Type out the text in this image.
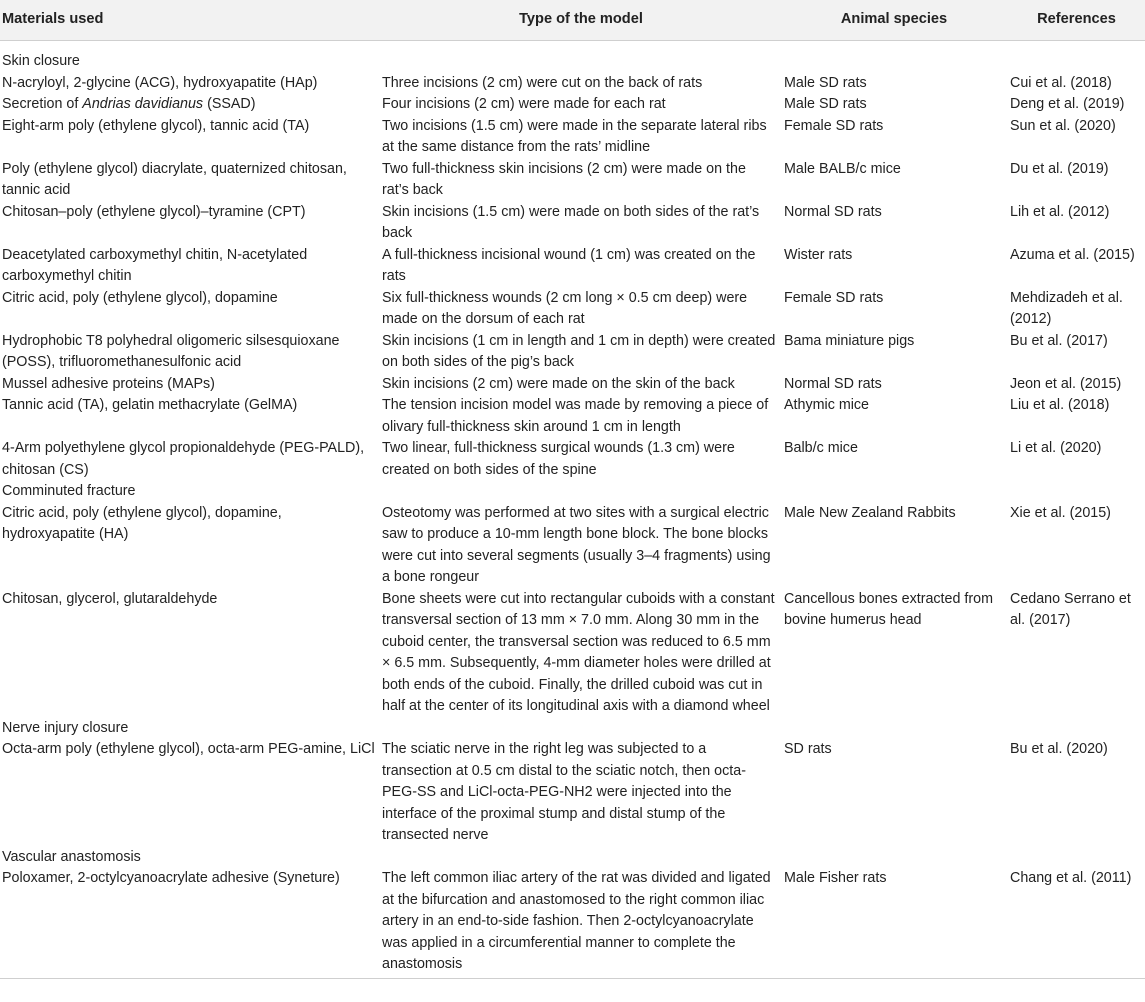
Materials used	Type of the model	Animal species	References
Skin closure			
N-acryloyl, 2-glycine (ACG), hydroxyapatite (HAp)	Three incisions (2 cm) were cut on the back of rats	Male SD rats	Cui et al. (2018)
Secretion of Andrias davidianus (SSAD)	Four incisions (2 cm) were made for each rat	Male SD rats	Deng et al. (2019)
Eight-arm poly (ethylene glycol), tannic acid (TA)	Two incisions (1.5 cm) were made in the separate lateral ribs at the same distance from the rats’ midline	Female SD rats	Sun et al. (2020)
Poly (ethylene glycol) diacrylate, quaternized chitosan, tannic acid	Two full-thickness skin incisions (2 cm) were made on the rat’s back	Male BALB/c mice	Du et al. (2019)
Chitosan–poly (ethylene glycol)–tyramine (CPT)	Skin incisions (1.5 cm) were made on both sides of the rat’s back	Normal SD rats	Lih et al. (2012)
Deacetylated carboxymethyl chitin, N-acetylated carboxymethyl chitin	A full-thickness incisional wound (1 cm) was created on the rats	Wister rats	Azuma et al. (2015)
Citric acid, poly (ethylene glycol), dopamine	Six full-thickness wounds (2 cm long × 0.5 cm deep) were made on the dorsum of each rat	Female SD rats	Mehdizadeh et al. (2012)
Hydrophobic T8 polyhedral oligomeric silsesquioxane (POSS), trifluoromethanesulfonic acid	Skin incisions (1 cm in length and 1 cm in depth) were created on both sides of the pig’s back	Bama miniature pigs	Bu et al. (2017)
Mussel adhesive proteins (MAPs)	Skin incisions (2 cm) were made on the skin of the back	Normal SD rats	Jeon et al. (2015)
Tannic acid (TA), gelatin methacrylate (GelMA)	The tension incision model was made by removing a piece of olivary full-thickness skin around 1 cm in length	Athymic mice	Liu et al. (2018)
4-Arm polyethylene glycol propionaldehyde (PEG-PALD), chitosan (CS)	Two linear, full-thickness surgical wounds (1.3 cm) were created on both sides of the spine	Balb/c mice	Li et al. (2020)
Comminuted fracture			
Citric acid, poly (ethylene glycol), dopamine, hydroxyapatite (HA)	Osteotomy was performed at two sites with a surgical electric saw to produce a 10-mm length bone block. The bone blocks were cut into several segments (usually 3–4 fragments) using a bone rongeur	Male New Zealand Rabbits	Xie et al. (2015)
Chitosan, glycerol, glutaraldehyde	Bone sheets were cut into rectangular cuboids with a constant transversal section of 13 mm × 7.0 mm. Along 30 mm in the cuboid center, the transversal section was reduced to 6.5 mm × 6.5 mm. Subsequently, 4-mm diameter holes were drilled at both ends of the cuboid. Finally, the drilled cuboid was cut in half at the center of its longitudinal axis with a diamond wheel	Cancellous bones extracted from bovine humerus head	Cedano Serrano et al. (2017)
Nerve injury closure			
Octa-arm poly (ethylene glycol), octa-arm PEG-amine, LiCl	The sciatic nerve in the right leg was subjected to a transection at 0.5 cm distal to the sciatic notch, then octa-PEG-SS and LiCl-octa-PEG-NH2 were injected into the interface of the proximal stump and distal stump of the transected nerve	SD rats	Bu et al. (2020)
Vascular anastomosis			
Poloxamer, 2-octylcyanoacrylate adhesive (Syneture)	The left common iliac artery of the rat was divided and ligated at the bifurcation and anastomosed to the right common iliac artery in an end-to-side fashion. Then 2-octylcyanoacrylate was applied in a circumferential manner to complete the anastomosis	Male Fisher rats	Chang et al. (2011)
